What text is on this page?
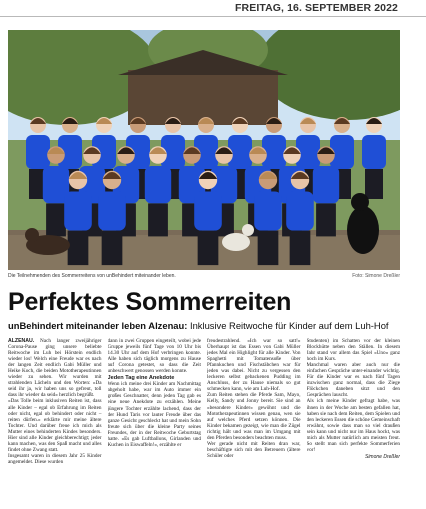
FREITAG, 16. SEPTEMBER 2022
Die Teilnehmenden des Sommerreitens von unBehindert miteinander leben.	Foto: Simone Dreßler
Perfektes Sommerreiten
unBehindert miteinander leben Alzenau: Inklusive Reitwoche für Kinder auf dem Luh-Hof

ALZENAU. Nach langer zweijähriger Corona-Pause ging unsere beliebte Reitwoche im Luh bei Hörstein endlich wieder los! Welch eine Freude war es nach der langen Zeit endlich Gabi Müller und Heike Koch, die beiden Mototherapeutinnen wieder zu sehen. Wir wurden mit strahlenden Lächeln und den Worten: «Da seid ihr ja, wir haben uns so gefreut, toll dass ihr wieder da seid» herzlich begrüßt.

«Das Tolle beim inklusiven Reiten ist, dass alle Kinder – egal ob Erfahrung im Reiten oder nicht, egal ob behindert oder nicht – reiten dürfen.» erklärte mir meine ältere Tochter. Und darüber freue ich mich als Mutter eines behinderten Kindes besonders. Hier sind alle Kinder gleichberechtigt; jeder kann machen, was den Spaß macht und alles findet ohne Zwang statt.

Insgesamt waren in diesem Jahr 25 Kinder angemeldet. Diese wurden

dann in zwei Gruppen eingeteilt, wobei jede Gruppe jeweils fünf Tage von 10 Uhr bis 14.30 Uhr auf dem Hof verbringen konnte. Alle haben sich täglich morgens zu Hause auf Corona getestet, so dass die Zeit unbeschwert genossen werden konnte.

Jeden Tag eine Anekdote

Wenn ich meine drei Kinder am Nachmittag abgeholt habe, war im Auto immer ein großes Geschnatter, denn jeden Tag gab es eine neue Anekdote zu erzählen. Meine jüngere Tochter erzählte lachend, dass der der Hund Taris vor lauter Freude über das ganze Gesicht geschleckt hat und mein Sohn freute sich über die kleine Party seines Freundes, der in der Reitwoche Geburtstag hatte. «Es gab Luftballons, Girlanden und Kuchen in Eiswaffeln!», erzählte er

freudestrahlend. «Ich war so satt!» Überhaupt ist das Essen von Gabi Müller jedes Mal ein Highlight für alle Kinder. Von Spaghetti mit Tomatensoße über Pfannkuchen und Fischstäbchen war für jeden was dabei. Nicht zu vergessen den leckeren selbst gebackenen Pudding im Anschluss, der zu Hause niemals so gut schmecken kann, wie am Luh-Hof.

Zum Reiten stehen die Pferde Sam, Mayo, Kelly, Sandy und Jonny bereit. Sie sind an «besondere Kinder» gewöhnt und die Mototherapeutinnen wissen genau, wen sie auf welches Pferd setzen können. Die Kinder bekamen gezeigt, wie man die Zügel richtig hält und was man im Umgang mit den Pferden besonders beachten muss.

Wer gerade nicht mit Reiten dran war, beschäftigte sich mit den Betreuern (ältere Schüler oder

Studenten) im Schatten vor der kleinen Blockhütte neben den Ställen. In diesem Jahr stand vor allem das Spiel «Uno» ganz hoch im Kurs.

Manchmal waren aber auch nur die einfachen Gespräche unter-einander wichtig. Für die Kinder war es nach fünf Tagen inzwischen ganz normal, dass die Ziege Flöckchen daneben sitzt und den Gesprächen lauscht.

Als ich meine Kinder gefragt habe, was ihnen in der Woche am besten gefallen hat, haben sie nach dem Reiten, dem Spielen und den leckeren Essen die schöne Gemeinschaft erwähnt, sowie dass man so viel draußen sein kann und nicht nur im Haus hockt, was mich als Mutter natürlich am meisten freut. So stellt man sich perfekte Sommerferien vor!

Simone Dreßler
